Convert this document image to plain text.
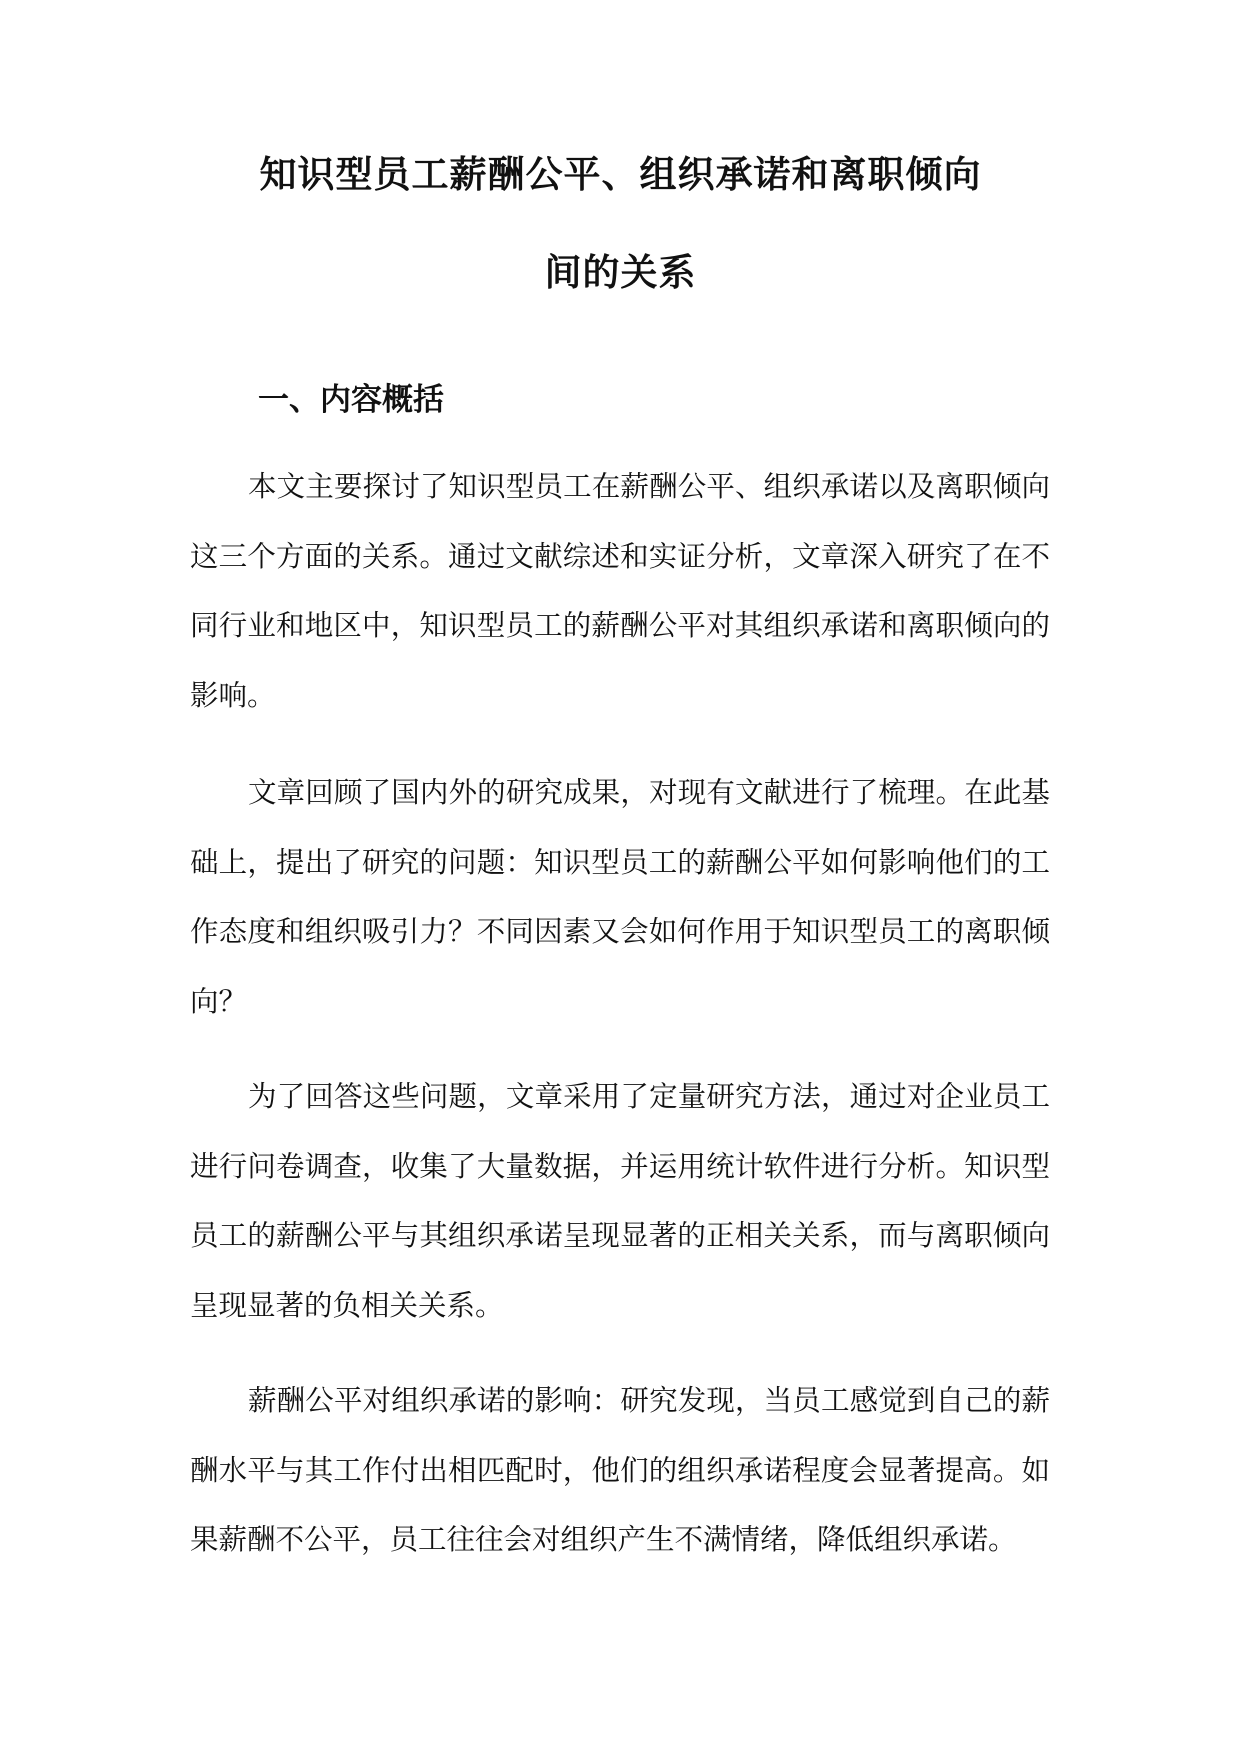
知识型员工薪酬公平、组织承诺和离职倾向
间的关系
一、内容概括

本文主要探讨了知识型员工在薪酬公平、组织承诺以及离职倾向这三个方面的关系。通过文献综述和实证分析，文章深入研究了在不同行业和地区中，知识型员工的薪酬公平对其组织承诺和离职倾向的影响。

文章回顾了国内外的研究成果，对现有文献进行了梳理。在此基础上，提出了研究的问题：知识型员工的薪酬公平如何影响他们的工作态度和组织吸引力？不同因素又会如何作用于知识型员工的离职倾向？

为了回答这些问题，文章采用了定量研究方法，通过对企业员工进行问卷调查，收集了大量数据，并运用统计软件进行分析。知识型员工的薪酬公平与其组织承诺呈现显著的正相关关系，而与离职倾向呈现显著的负相关关系。

薪酬公平对组织承诺的影响：研究发现，当员工感觉到自己的薪酬水平与其工作付出相匹配时，他们的组织承诺程度会显著提高。如果薪酬不公平，员工往往会对组织产生不满情绪，降低组织承诺。
